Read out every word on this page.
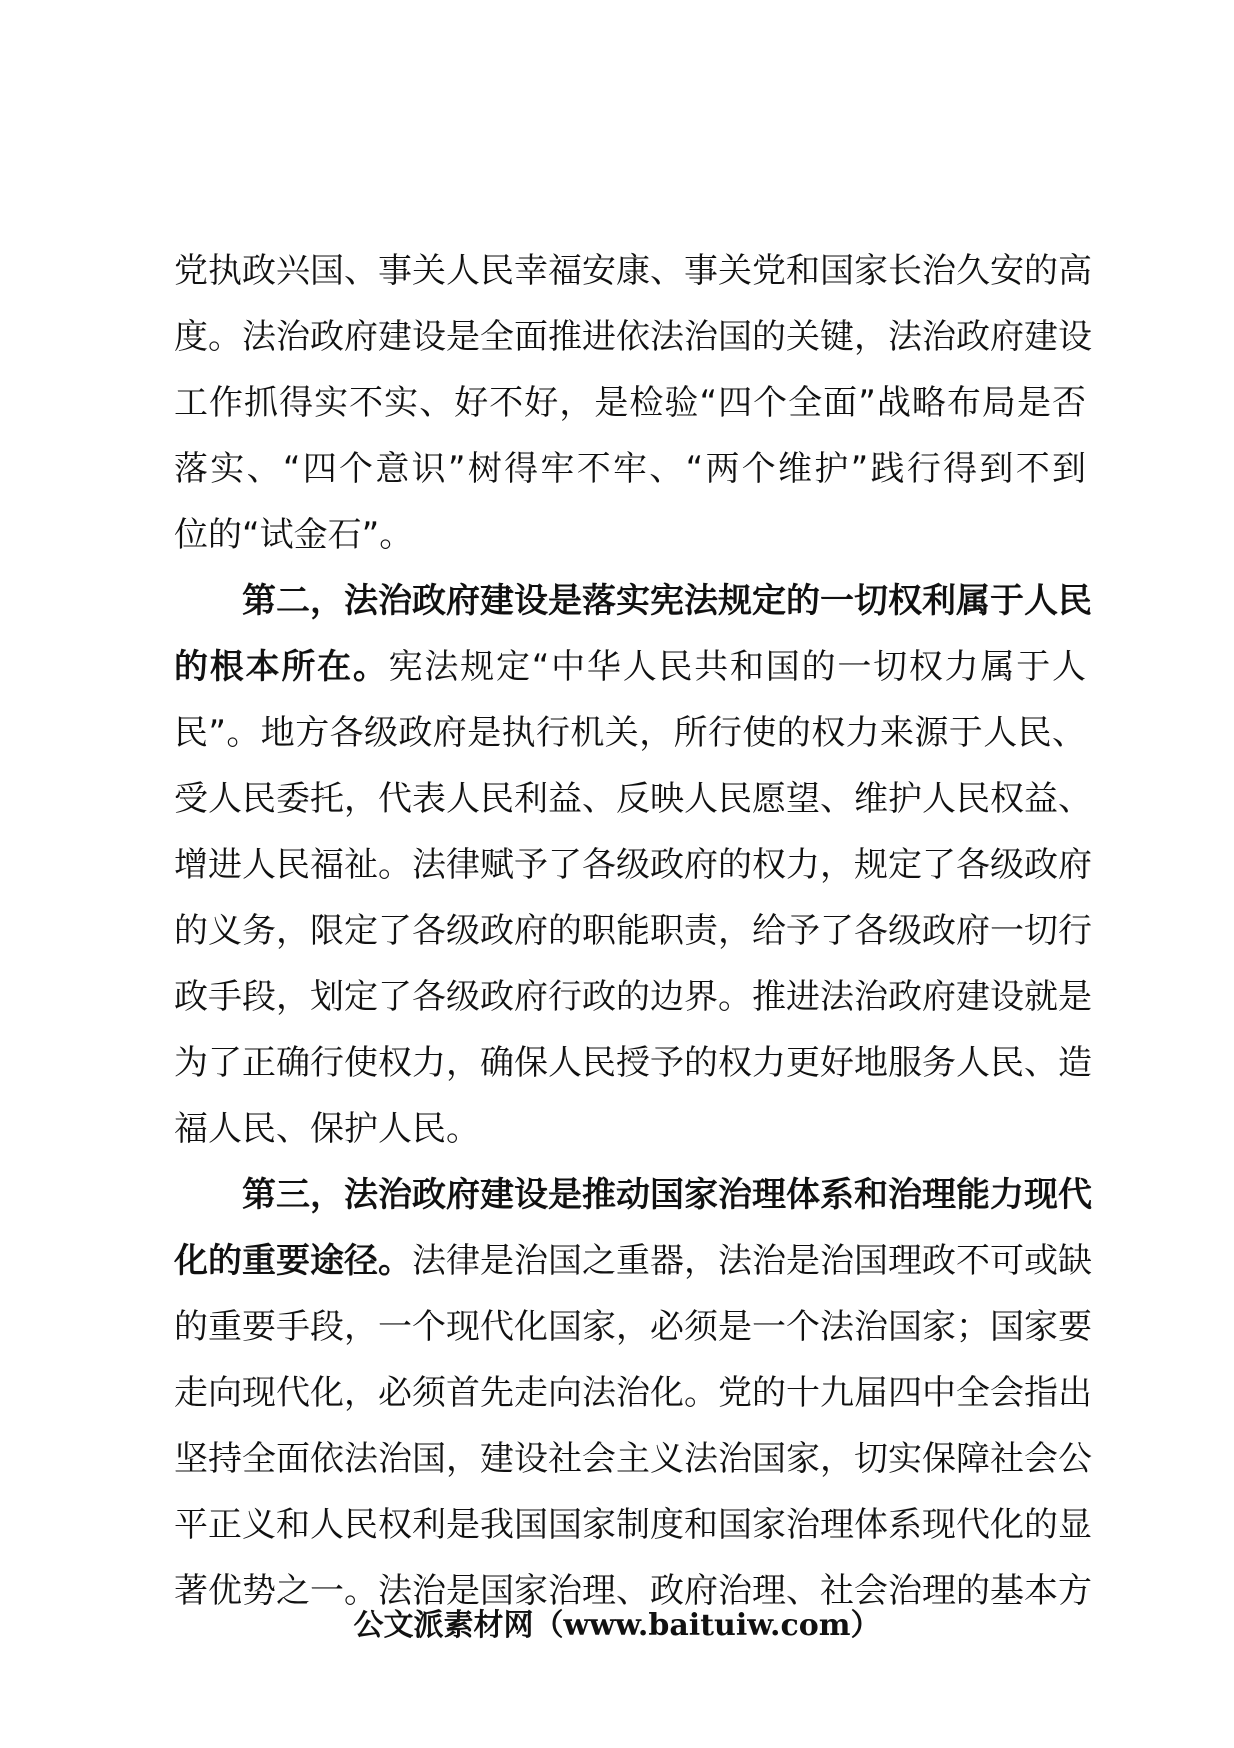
党执政兴国、事关人民幸福安康、事关党和国家长治久安的高
度。法治政府建设是全面推进依法治国的关键，法治政府建设
工作抓得实不实、好不好，是检验“四个全面”战略布局是否
落实、“四个意识”树得牢不牢、“两个维护”践行得到不到
位的“试金石”。
第二，法治政府建设是落实宪法规定的一切权利属于人民
的根本所在。宪法规定“中华人民共和国的一切权力属于人
民”。地方各级政府是执行机关，所行使的权力来源于人民、
受人民委托，代表人民利益、反映人民愿望、维护人民权益、
增进人民福祉。法律赋予了各级政府的权力，规定了各级政府
的义务，限定了各级政府的职能职责，给予了各级政府一切行
政手段，划定了各级政府行政的边界。推进法治政府建设就是
为了正确行使权力，确保人民授予的权力更好地服务人民、造
福人民、保护人民。
第三，法治政府建设是推动国家治理体系和治理能力现代
化的重要途径。法律是治国之重器，法治是治国理政不可或缺
的重要手段，一个现代化国家，必须是一个法治国家；国家要
走向现代化，必须首先走向法治化。党的十九届四中全会指出
坚持全面依法治国，建设社会主义法治国家，切实保障社会公
平正义和人民权利是我国国家制度和国家治理体系现代化的显
著优势之一。法治是国家治理、政府治理、社会治理的基本方
公文派素材网（www.baituiw.com）
